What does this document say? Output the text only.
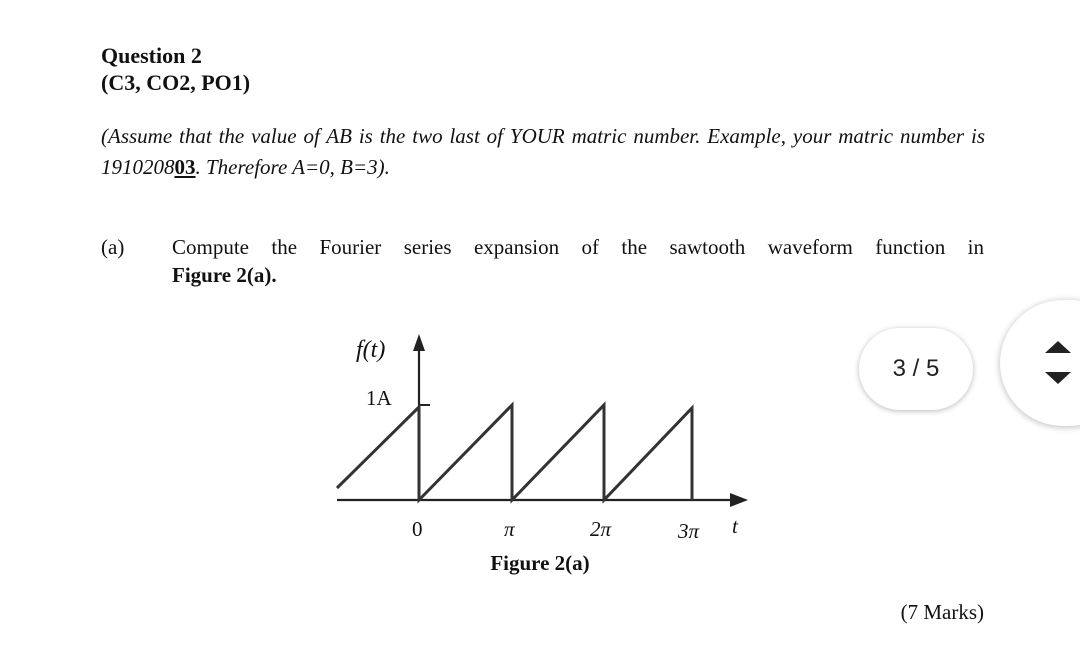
Question 2
(C3, CO2, PO1)
(Assume that the value of AB is the two last of YOUR matric number. Example, your matric number is 191020803. Therefore A=0, B=3).
(a) Compute the Fourier series expansion of the sawtooth waveform function in
Figure 2(a).
f(t)
1A
0	π	2π	3π t
Figure 2(a)
(7 Marks)
3 / 5
